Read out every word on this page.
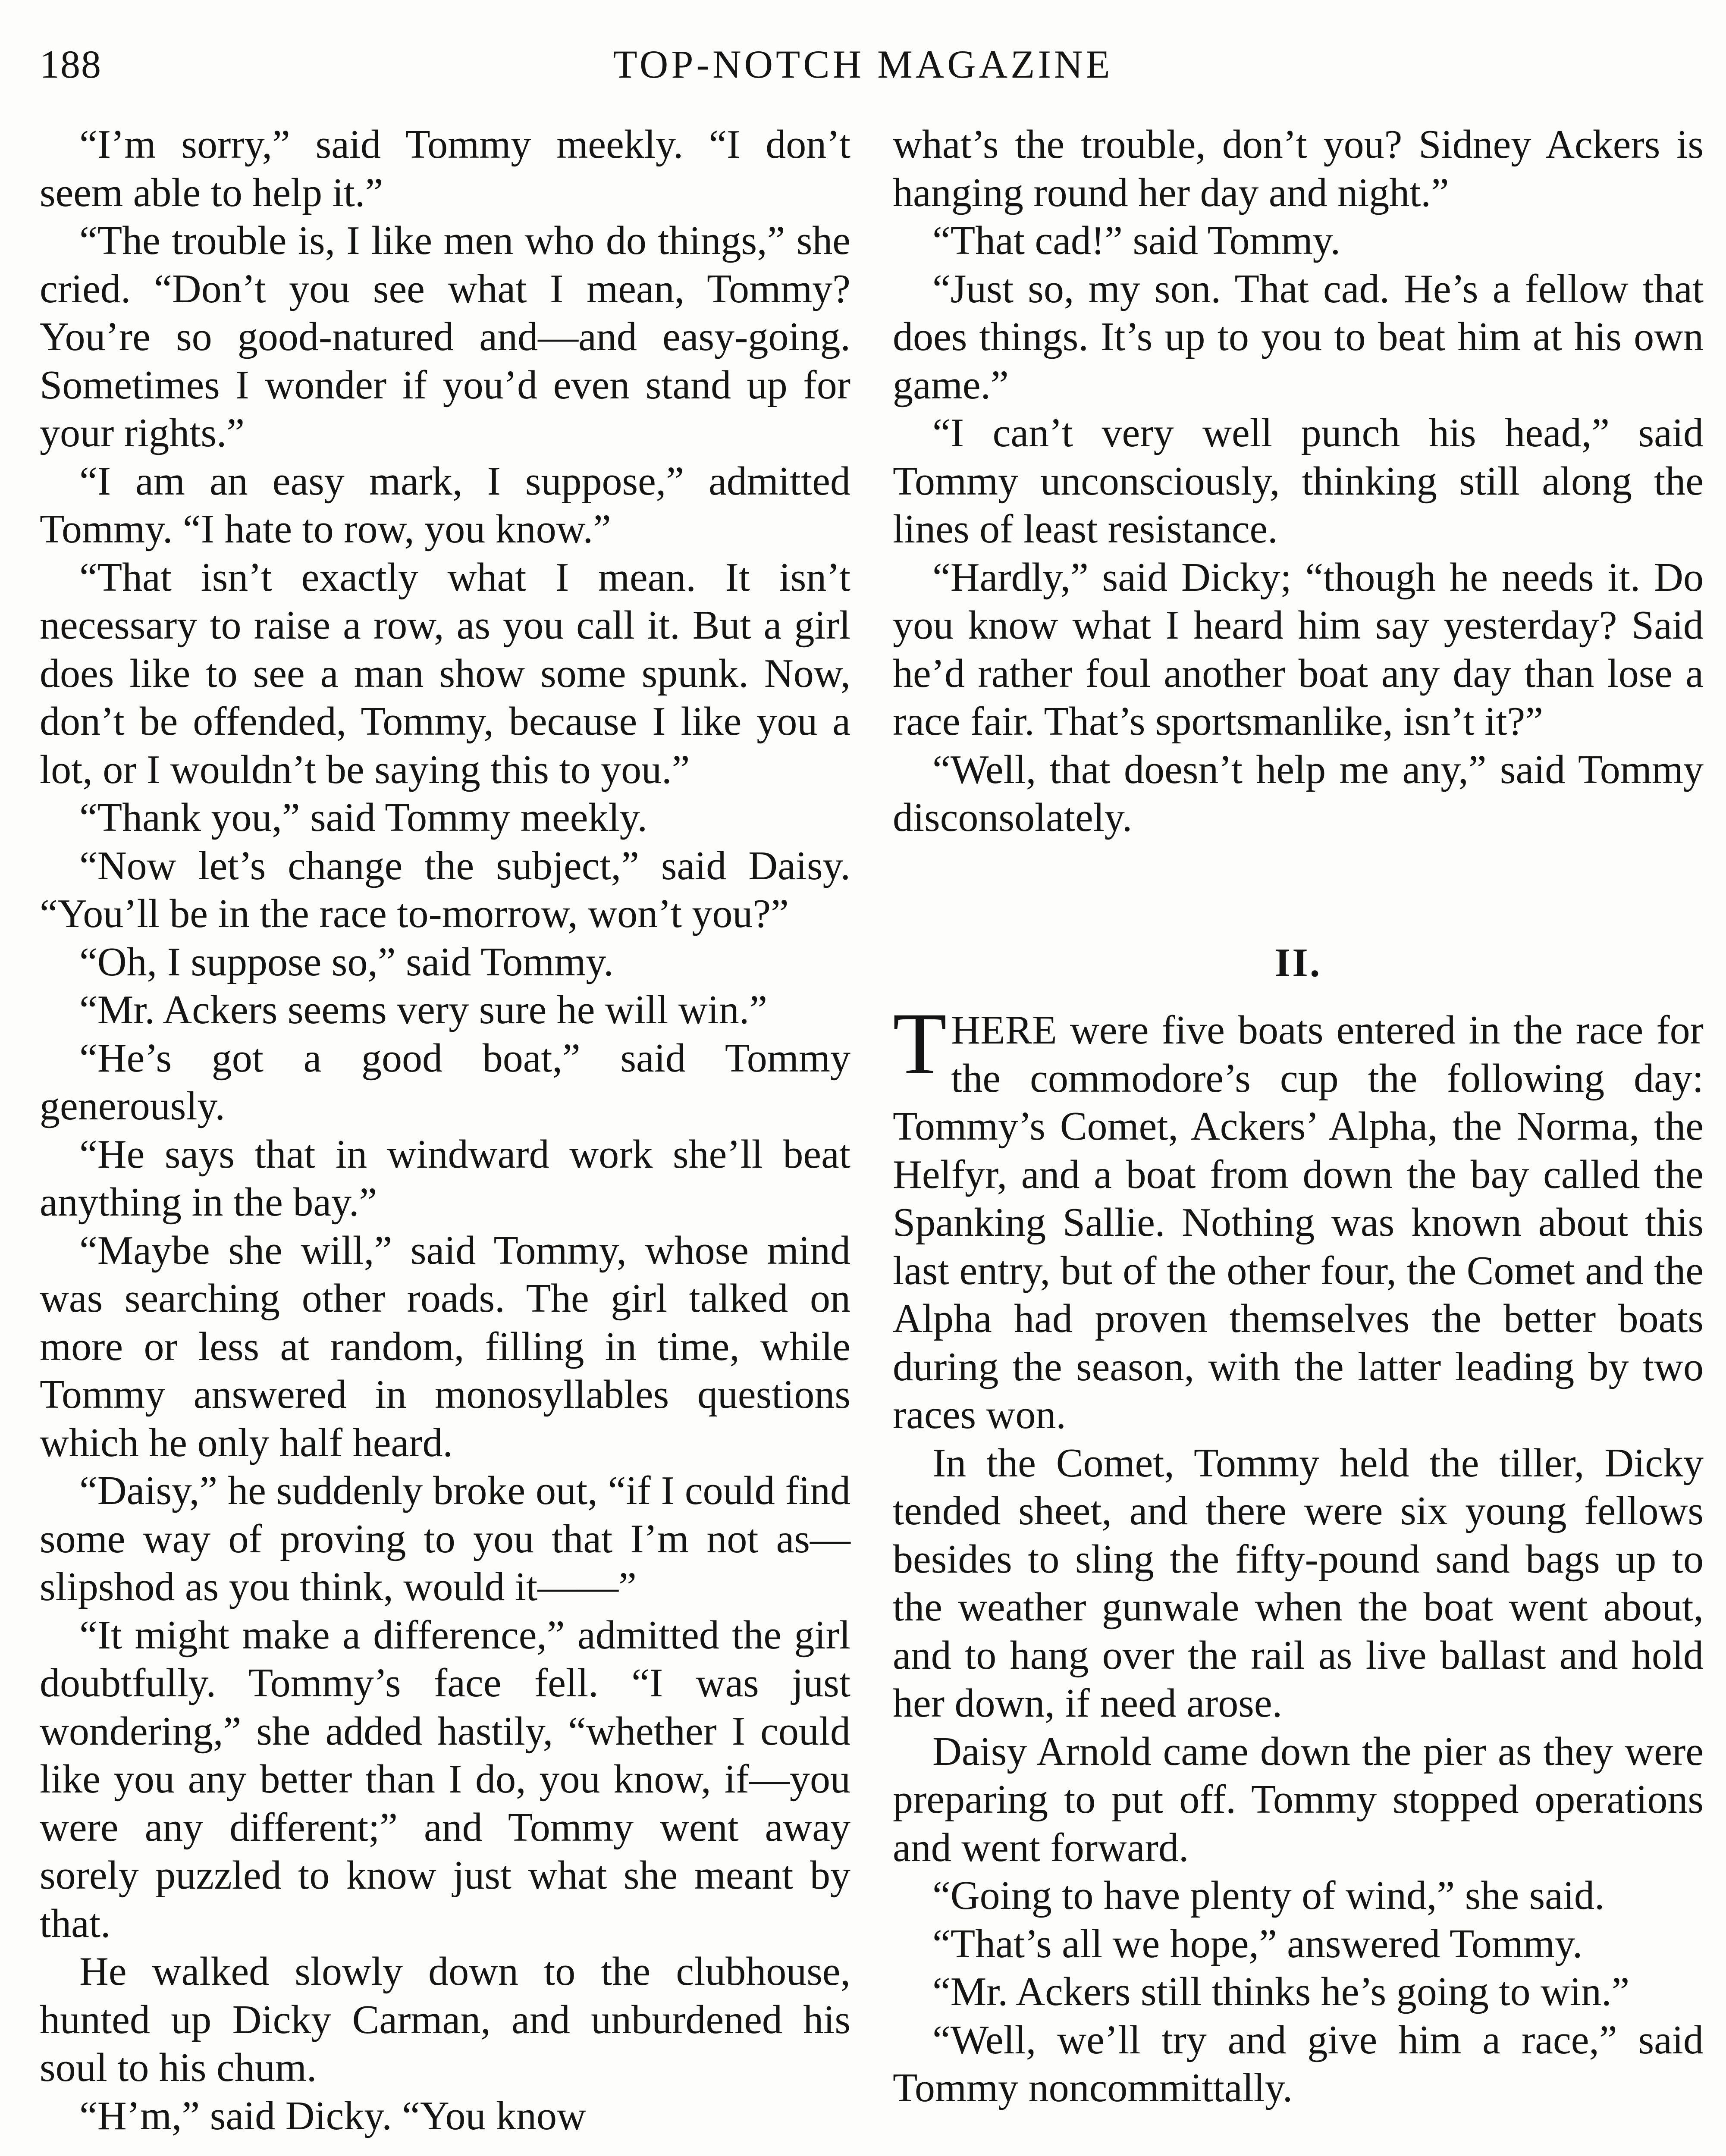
188	TOP-NOTCH MAGAZINE

“I’m sorry,” said Tommy meekly. “I don’t seem able to help it.”

“The trouble is, I like men who do things,” she cried. “Don’t you see what I mean, Tommy? You’re so good-natured and—and easy-going. Sometimes I wonder if you’d even stand up for your rights.”

“I am an easy mark, I suppose,” admitted Tommy. “I hate to row, you know.”

“That isn’t exactly what I mean. It isn’t necessary to raise a row, as you call it. But a girl does like to see a man show some spunk. Now, don’t be offended, Tommy, because I like you a lot, or I wouldn’t be saying this to you.”

“Thank you,” said Tommy meekly.

“Now let’s change the subject,” said Daisy. “You’ll be in the race to-morrow, won’t you?”

“Oh, I suppose so,” said Tommy.

“Mr. Ackers seems very sure he will win.”

“He’s got a good boat,” said Tommy generously.

“He says that in windward work she’ll beat anything in the bay.”

“Maybe she will,” said Tommy, whose mind was searching other roads. The girl talked on more or less at random, filling in time, while Tommy answered in monosyllables questions which he only half heard.

“Daisy,” he suddenly broke out, “if I could find some way of proving to you that I’m not as—slipshod as you think, would it——”

“It might make a difference,” admitted the girl doubtfully. Tommy’s face fell. “I was just wondering,” she added hastily, “whether I could like you any better than I do, you know, if—you were any different;” and Tommy went away sorely puzzled to know just what she meant by that.

He walked slowly down to the clubhouse, hunted up Dicky Carman, and unburdened his soul to his chum.

“H’m,” said Dicky. “You know

what’s the trouble, don’t you? Sidney Ackers is hanging round her day and night.”

“That cad!” said Tommy.

“Just so, my son. That cad. He’s a fellow that does things. It’s up to you to beat him at his own game.”

“I can’t very well punch his head,” said Tommy unconsciously, thinking still along the lines of least resistance.

“Hardly,” said Dicky; “though he needs it. Do you know what I heard him say yesterday? Said he’d rather foul another boat any day than lose a race fair. That’s sportsmanlike, isn’t it?”

“Well, that doesn’t help me any,” said Tommy disconsolately.

II.

THERE were five boats entered in the race for the commodore’s cup the following day: Tommy’s Comet, Ackers’ Alpha, the Norma, the Helfyr, and a boat from down the bay called the Spanking Sallie. Nothing was known about this last entry, but of the other four, the Comet and the Alpha had proven themselves the better boats during the season, with the latter leading by two races won.

In the Comet, Tommy held the tiller, Dicky tended sheet, and there were six young fellows besides to sling the fifty-pound sand bags up to the weather gunwale when the boat went about, and to hang over the rail as live ballast and hold her down, if need arose.

Daisy Arnold came down the pier as they were preparing to put off. Tommy stopped operations and went forward.

“Going to have plenty of wind,” she said.

“That’s all we hope,” answered Tommy.

“Mr. Ackers still thinks he’s going to win.”

“Well, we’ll try and give him a race,” said Tommy noncommittally.
